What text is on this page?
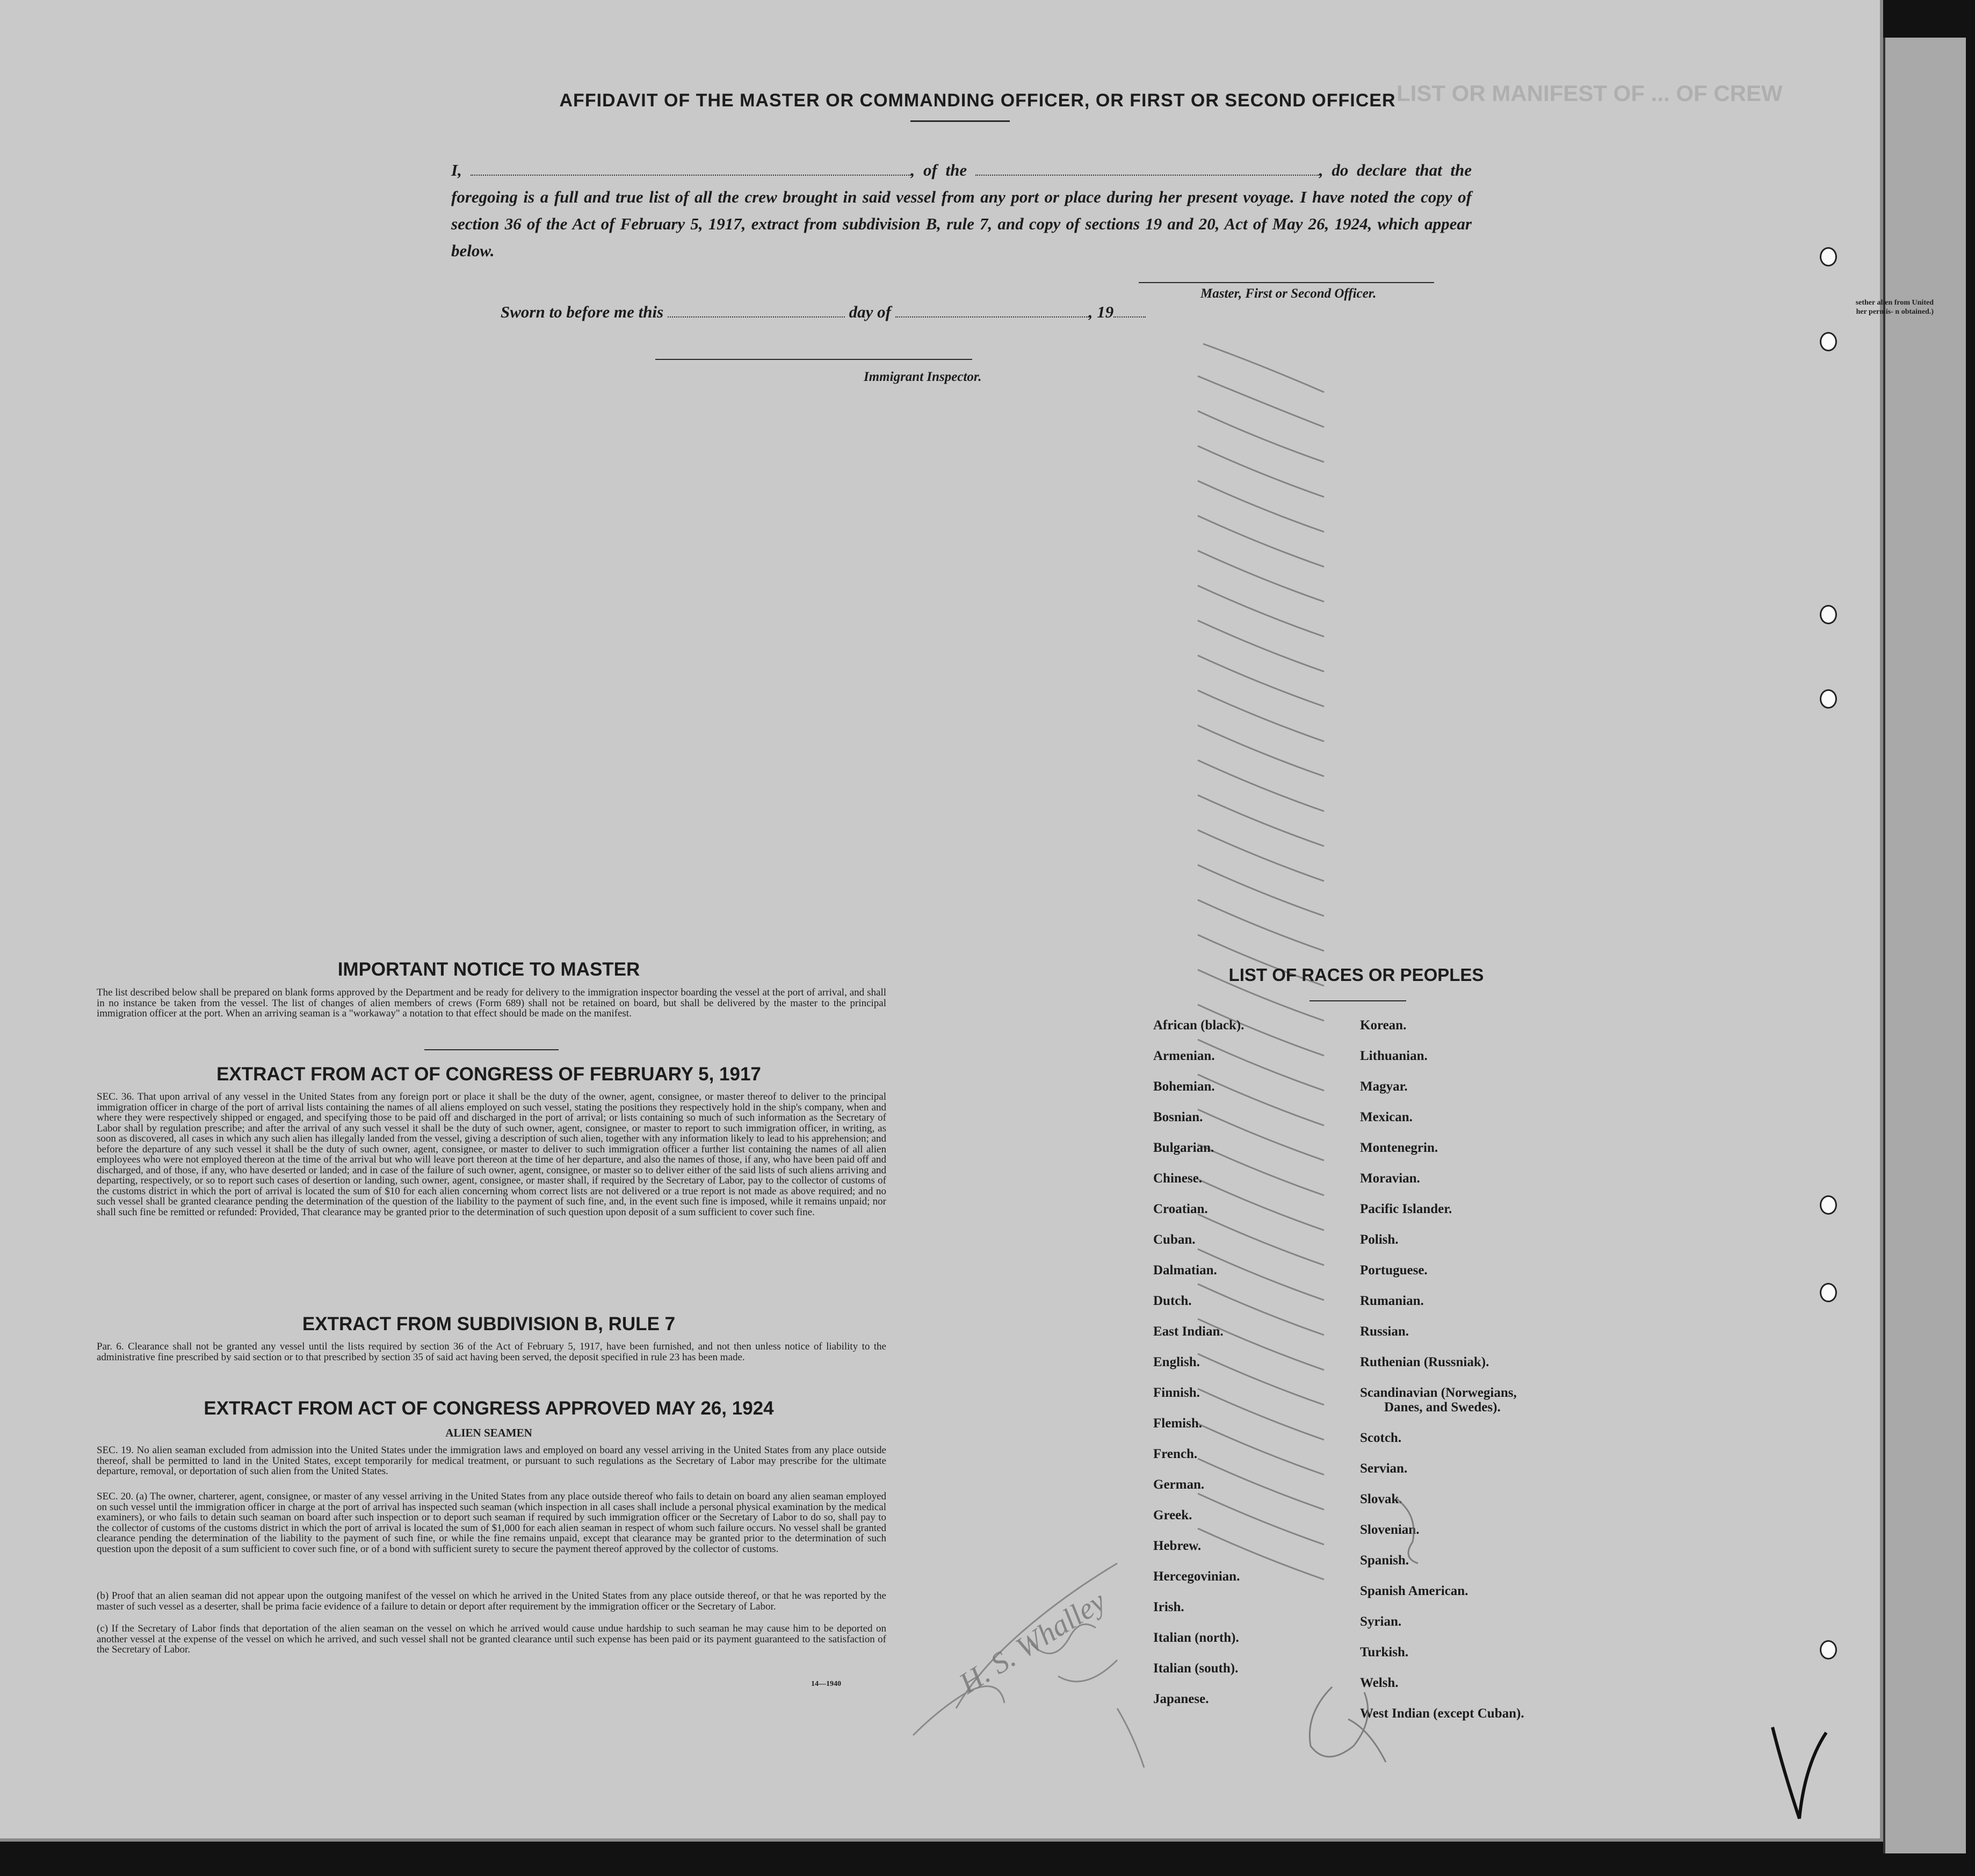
LIST OR MANIFEST OF ... OF CREW
AFFIDAVIT OF THE MASTER OR COMMANDING OFFICER, OR FIRST OR SECOND OFFICER
I,	, of the	, do declare that the foregoing is a full and true list of all the crew brought in said vessel from any port or place during her present voyage. I have noted the copy of section 36 of the Act of February 5, 1917, extract from subdivision B, rule 7, and copy of sections 19 and 20, Act of May 26, 1924, which appear below.
Master, First or Second Officer.
Sworn to before me this	day of	, 19
Immigrant Inspector.
IMPORTANT NOTICE TO MASTER
The list described below shall be prepared on blank forms approved by the Department and be ready for delivery to the immigration inspector boarding the vessel at the port of arrival, and shall in no instance be taken from the vessel. The list of changes of alien members of crews (Form 689) shall not be retained on board, but shall be delivered by the master to the principal immigration officer at the port. When an arriving seaman is a "workaway" a notation to that effect should be made on the manifest.
EXTRACT FROM ACT OF CONGRESS OF FEBRUARY 5, 1917
SEC. 36. That upon arrival of any vessel in the United States from any foreign port or place it shall be the duty of the owner, agent, consignee, or master thereof to deliver to the principal immigration officer in charge of the port of arrival lists containing the names of all aliens employed on such vessel, stating the positions they respectively hold in the ship's company, when and where they were respectively shipped or engaged, and specifying those to be paid off and discharged in the port of arrival; or lists containing so much of such information as the Secretary of Labor shall by regulation prescribe; and after the arrival of any such vessel it shall be the duty of such owner, agent, consignee, or master to report to such immigration officer, in writing, as soon as discovered, all cases in which any such alien has illegally landed from the vessel, giving a description of such alien, together with any information likely to lead to his apprehension; and before the departure of any such vessel it shall be the duty of such owner, agent, consignee, or master to deliver to such immigration officer a further list containing the names of all alien employees who were not employed thereon at the time of the arrival but who will leave port thereon at the time of her departure, and also the names of those, if any, who have been paid off and discharged, and of those, if any, who have deserted or landed; and in case of the failure of such owner, agent, consignee, or master so to deliver either of the said lists of such aliens arriving and departing, respectively, or so to report such cases of desertion or landing, such owner, agent, consignee, or master shall, if required by the Secretary of Labor, pay to the collector of customs of the customs district in which the port of arrival is located the sum of $10 for each alien concerning whom correct lists are not delivered or a true report is not made as above required; and no such vessel shall be granted clearance pending the determination of the question of the liability to the payment of such fine, and, in the event such fine is imposed, while it remains unpaid; nor shall such fine be remitted or refunded: Provided, That clearance may be granted prior to the determination of such question upon deposit of a sum sufficient to cover such fine.
EXTRACT FROM SUBDIVISION B, RULE 7
Par. 6. Clearance shall not be granted any vessel until the lists required by section 36 of the Act of February 5, 1917, have been furnished, and not then unless notice of liability to the administrative fine prescribed by said section or to that prescribed by section 35 of said act having been served, the deposit specified in rule 23 has been made.
EXTRACT FROM ACT OF CONGRESS APPROVED MAY 26, 1924
ALIEN SEAMEN
SEC. 19. No alien seaman excluded from admission into the United States under the immigration laws and employed on board any vessel arriving in the United States from any place outside thereof, shall be permitted to land in the United States, except temporarily for medical treatment, or pursuant to such regulations as the Secretary of Labor may prescribe for the ultimate departure, removal, or deportation of such alien from the United States.
SEC. 20. (a) The owner, charterer, agent, consignee, or master of any vessel arriving in the United States from any place outside thereof who fails to detain on board any alien seaman employed on such vessel until the immigration officer in charge at the port of arrival has inspected such seaman (which inspection in all cases shall include a personal physical examination by the medical examiners), or who fails to detain such seaman on board after such inspection or to deport such seaman if required by such immigration officer or the Secretary of Labor to do so, shall pay to the collector of customs of the customs district in which the port of arrival is located the sum of $1,000 for each alien seaman in respect of whom such failure occurs. No vessel shall be granted clearance pending the determination of the liability to the payment of such fine, or while the fine remains unpaid, except that clearance may be granted prior to the determination of such question upon the deposit of a sum sufficient to cover such fine, or of a bond with sufficient surety to secure the payment thereof approved by the collector of customs.
(b) Proof that an alien seaman did not appear upon the outgoing manifest of the vessel on which he arrived in the United States from any place outside thereof, or that he was reported by the master of such vessel as a deserter, shall be prima facie evidence of a failure to detain or deport after requirement by the immigration officer or the Secretary of Labor.
(c) If the Secretary of Labor finds that deportation of the alien seaman on the vessel on which he arrived would cause undue hardship to such seaman he may cause him to be deported on another vessel at the expense of the vessel on which he arrived, and such vessel shall not be granted clearance until such expense has been paid or its payment guaranteed to the satisfaction of the Secretary of Labor.
14—1940
LIST OF RACES OR PEOPLES
African (black).
Armenian.
Bohemian.
Bosnian.
Bulgarian.
Chinese.
Croatian.
Cuban.
Dalmatian.
Dutch.
East Indian.
English.
Finnish.
Flemish.
French.
German.
Greek.
Hebrew.
Hercegovinian.
Irish.
Italian (north).
Italian (south).
Japanese.
Korean.
Lithuanian.
Magyar.
Mexican.
Montenegrin.
Moravian.
Pacific Islander.
Polish.
Portuguese.
Rumanian.
Russian.
Ruthenian (Russniak).
Scandinavian (Norwegians,
Danes, and Swedes).
Scotch.
Servian.
Slovak.
Slovenian.
Spanish.
Spanish American.
Syrian.
Turkish.
Welsh.
West Indian (except Cuban).
H. S. Whalley
sether alien from United her permis- n obtained.)
